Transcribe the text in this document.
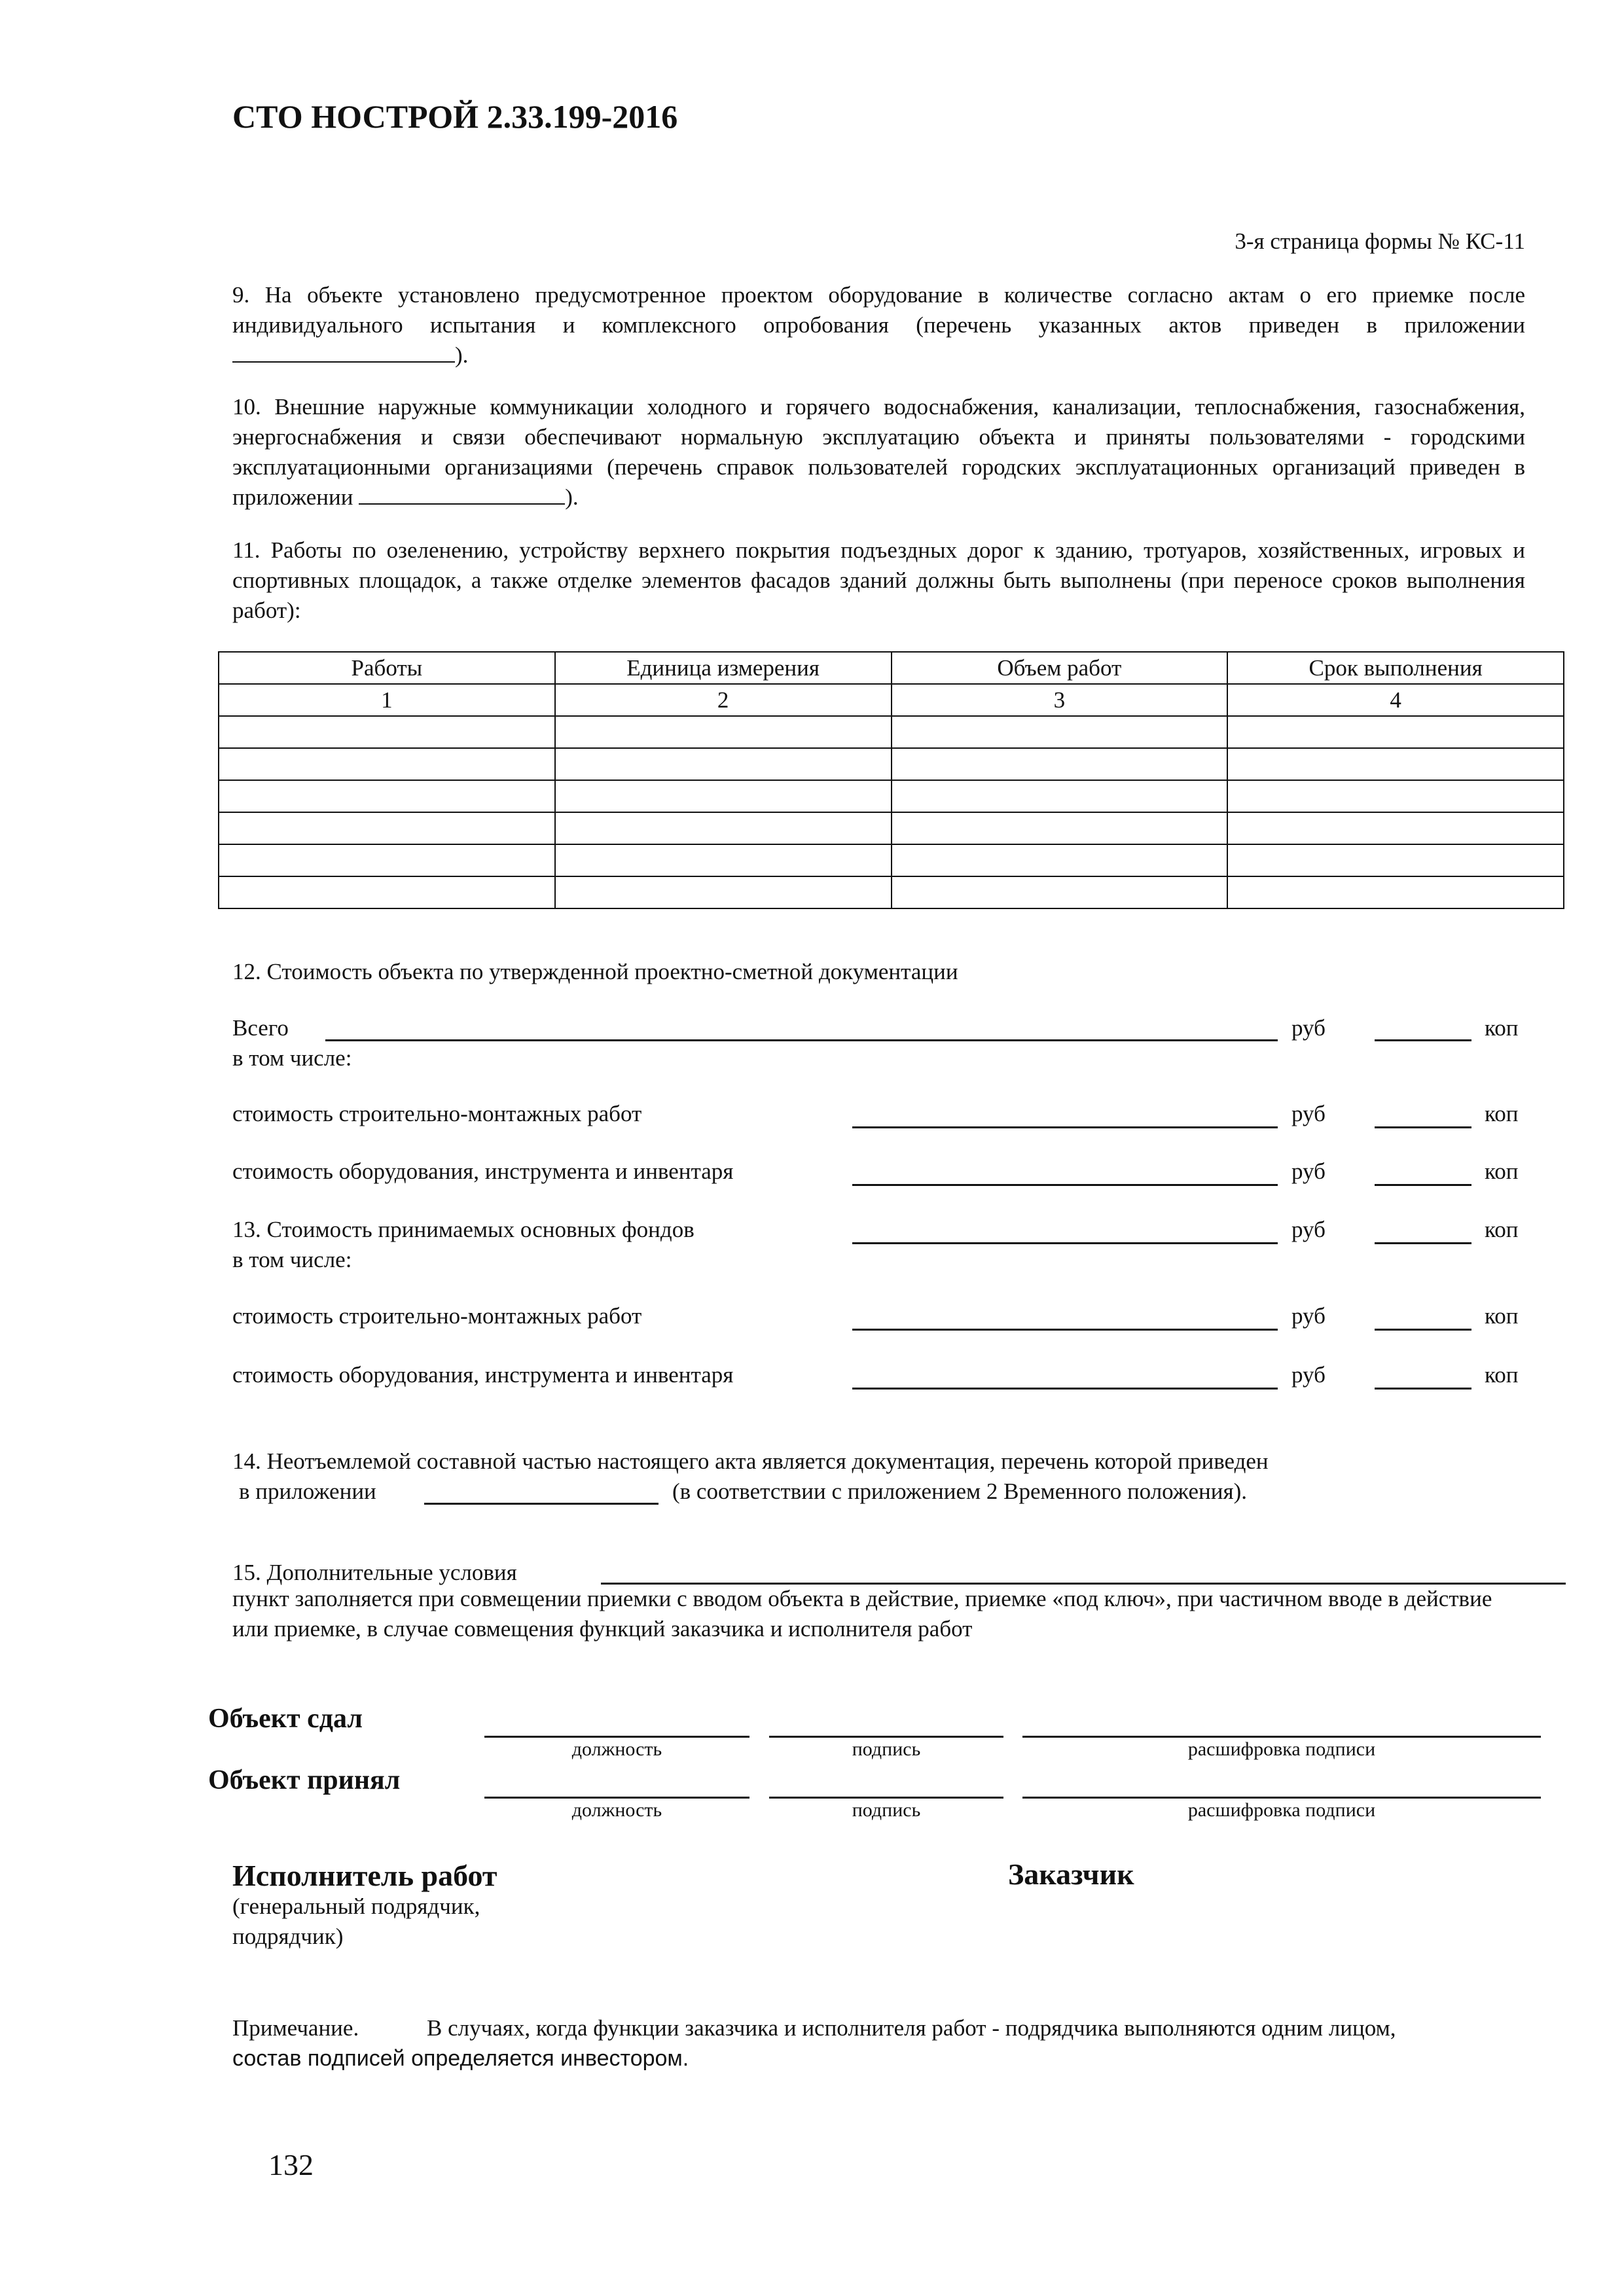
СТО НОСТРОЙ 2.33.199-2016
3-я страница формы № КС-11
9. На объекте установлено предусмотренное проектом оборудование в количестве согласно актам о его приемке после индивидуального испытания и комплексного опробования (перечень указанных актов приведен в приложении ).
10. Внешние наружные коммуникации холодного и горячего водоснабжения, канализации, теплоснабжения, газоснабжения, энергоснабжения и связи обеспечивают нормальную эксплуатацию объекта и приняты пользователями - городскими эксплуатационными организациями (перечень справок пользователей городских эксплуатационных организаций приведен в приложении	).
11. Работы по озеленению, устройству верхнего покрытия подъездных дорог к зданию, тротуаров, хозяйственных, игровых и спортивных площадок, а также отделке элементов фасадов зданий должны быть выполнены (при переносе сроков выполнения работ):
Работы	Единица измерения	Объем работ	Срок выполнения
1	2	3	4

12. Стоимость объекта по утвержденной проектно-сметной документации
Всего	руб	коп
в том числе:
стоимость строительно-монтажных работ	руб	коп
стоимость оборудования, инструмента и инвентаря	руб	коп
13. Стоимость принимаемых основных фондов	руб	коп
в том числе:
стоимость строительно-монтажных работ	руб	коп
стоимость оборудования, инструмента и инвентаря	руб	коп
14. Неотъемлемой составной частью настоящего акта является документация, перечень которой приведен
в приложении	(в соответствии с приложением 2 Временного положения).
15. Дополнительные условия
пункт заполняется при совмещении приемки с вводом объекта в действие, приемке «под ключ», при частичном вводе в действие или приемке, в случае совмещения функций заказчика и исполнителя работ
Объект сдал
должность	подпись	расшифровка подписи
Объект принял
должность	подпись	расшифровка подписи
Исполнитель работ
(генеральный подрядчик,
подрядчик)
Заказчик
Примечание.	В случаях, когда функции заказчика и исполнителя работ - подрядчика выполняются одним лицом,
состав подписей определяется инвестором.
132
